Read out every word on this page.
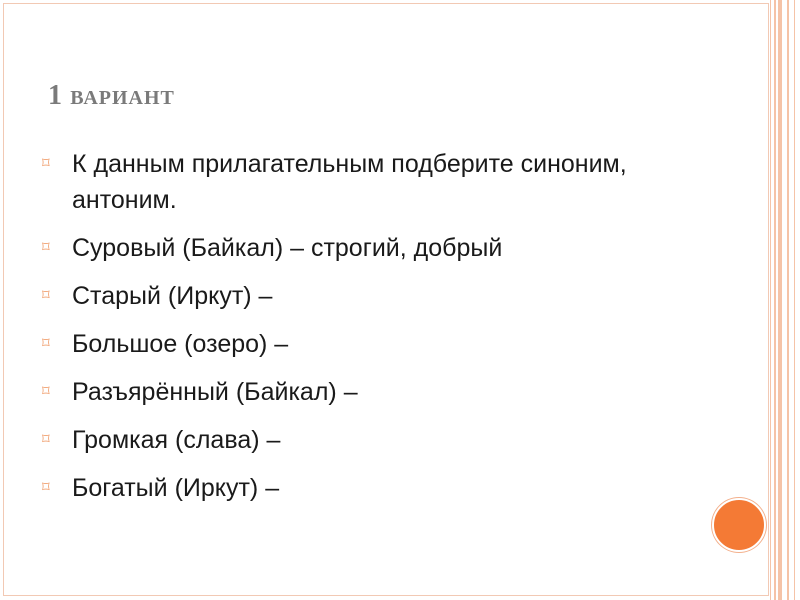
1 ВАРИАНТ
⌑ К данным прилагательным подберите синоним, антоним.
⌑ Суровый (Байкал) – строгий, добрый
⌑ Старый (Иркут) –
⌑ Большое (озеро) –
⌑ Разъярённый (Байкал) –
⌑ Громкая (слава) –
⌑ Богатый (Иркут) –
